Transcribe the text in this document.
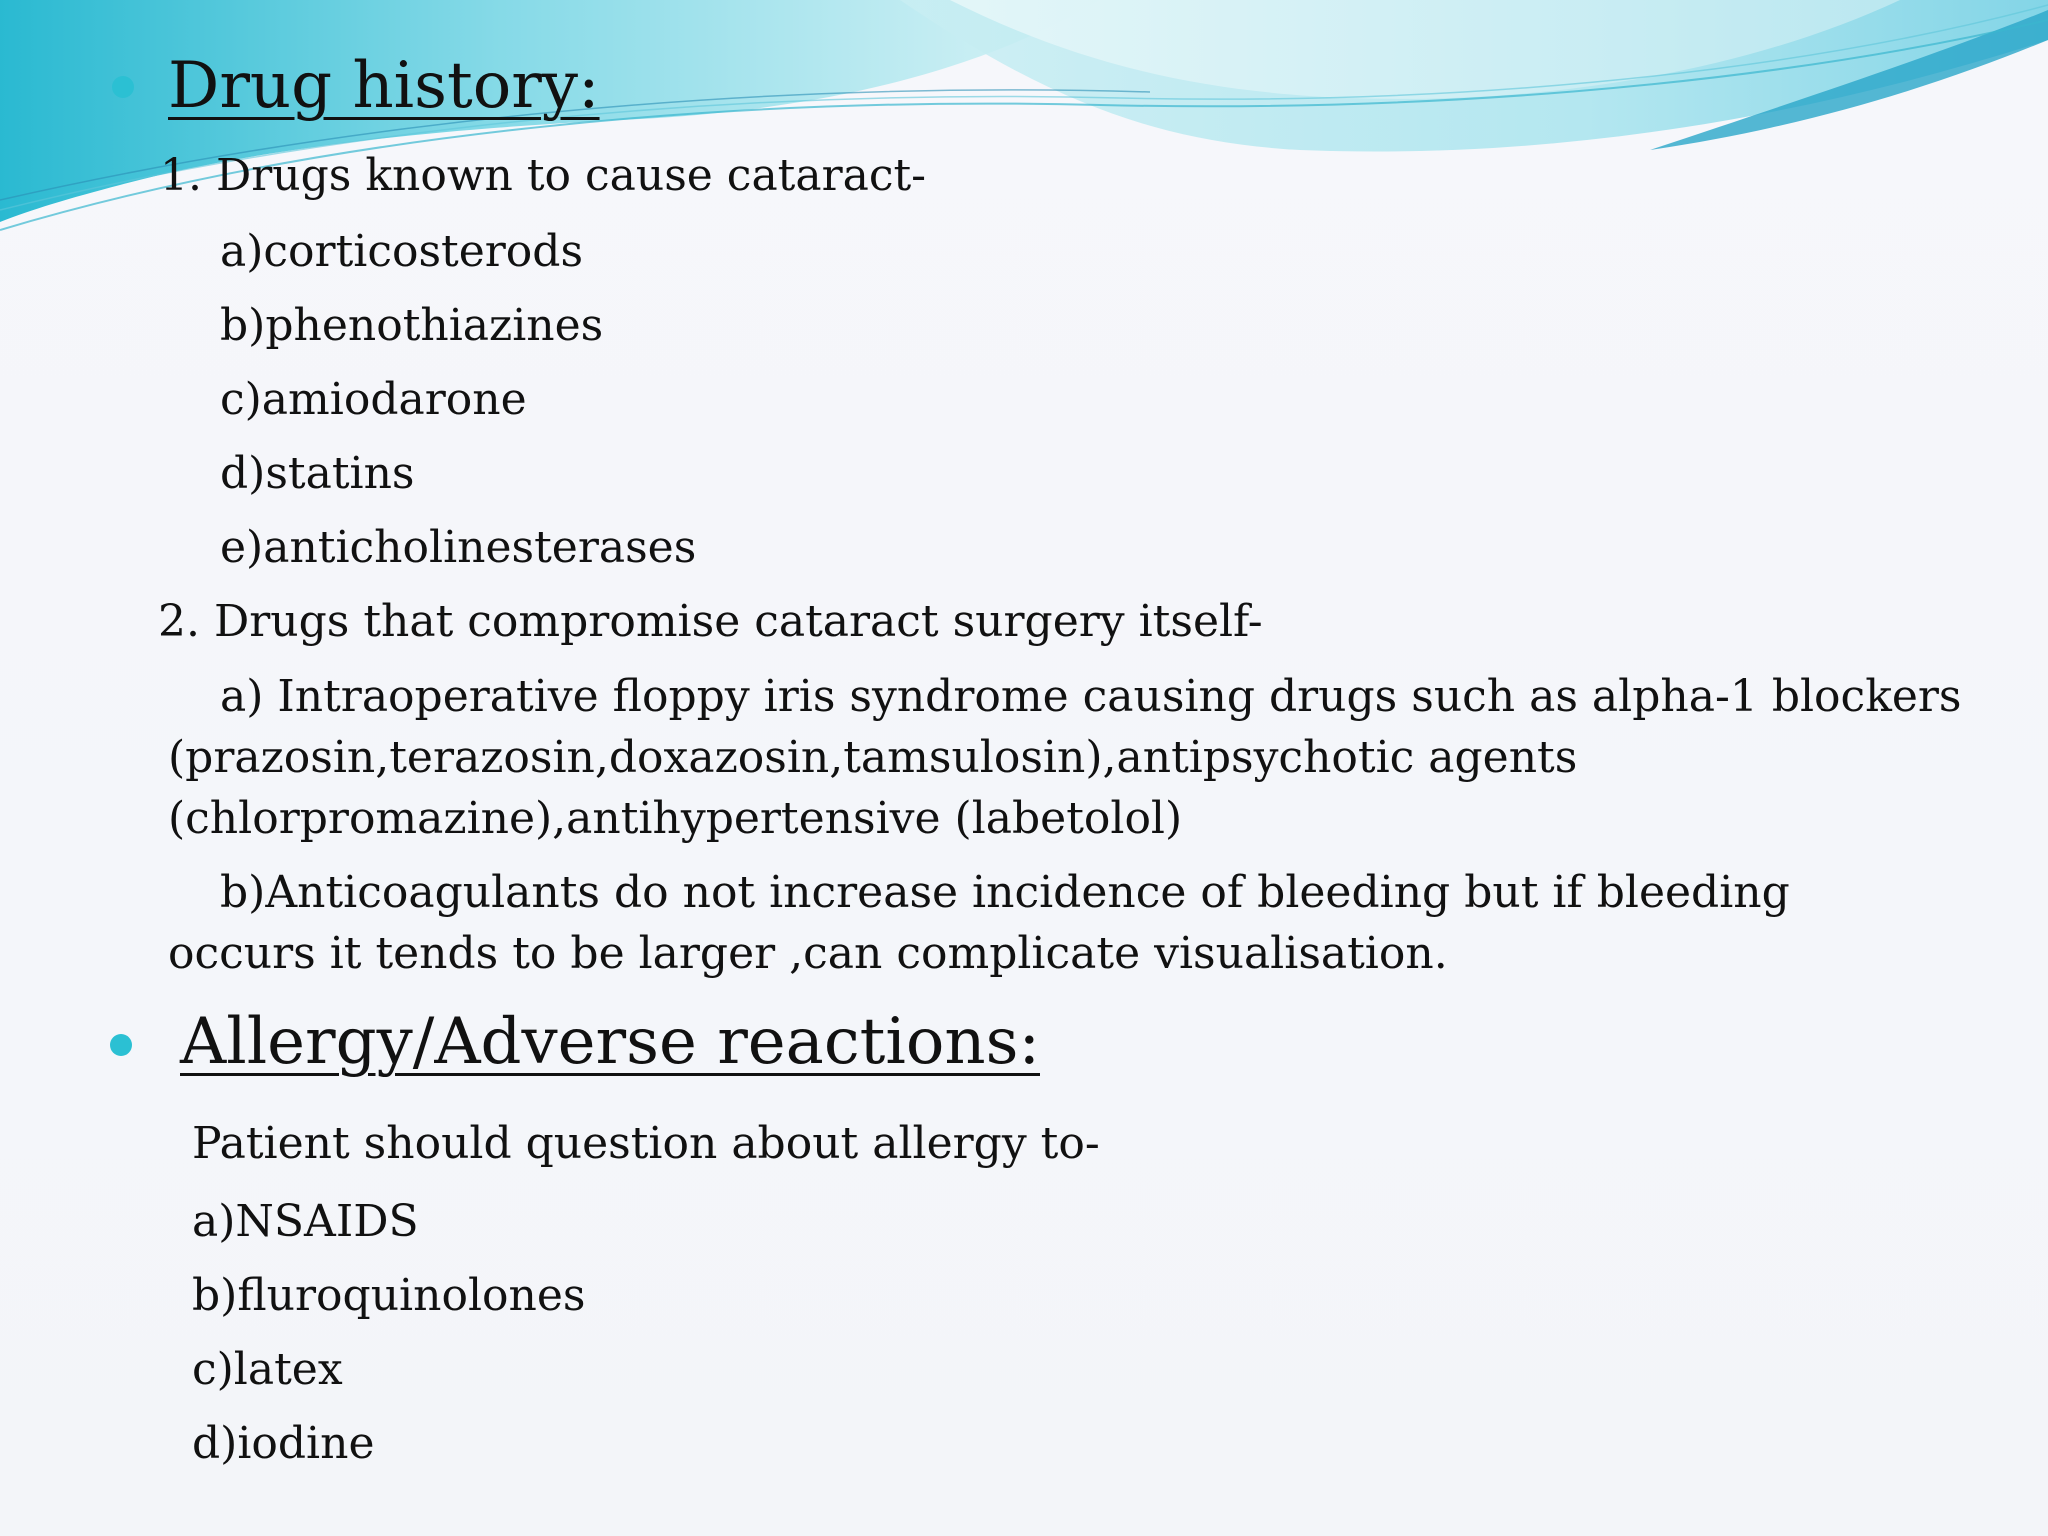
Drug history:
1. Drugs known to cause cataract-
a)corticosterods
b)phenothiazines
c)amiodarone
d)statins
e)anticholinesterases
2. Drugs that compromise cataract surgery itself-
a) Intraoperative floppy iris syndrome causing drugs such as alpha-1 blockers
(prazosin,terazosin,doxazosin,tamsulosin),antipsychotic agents
(chlorpromazine),antihypertensive (labetolol)
b)Anticoagulants do not increase incidence of bleeding but if bleeding
occurs it tends to be larger ,can complicate visualisation.
Allergy/Adverse reactions:
Patient should question about allergy to-
a)NSAIDS
b)fluroquinolones
c)latex
d)iodine
